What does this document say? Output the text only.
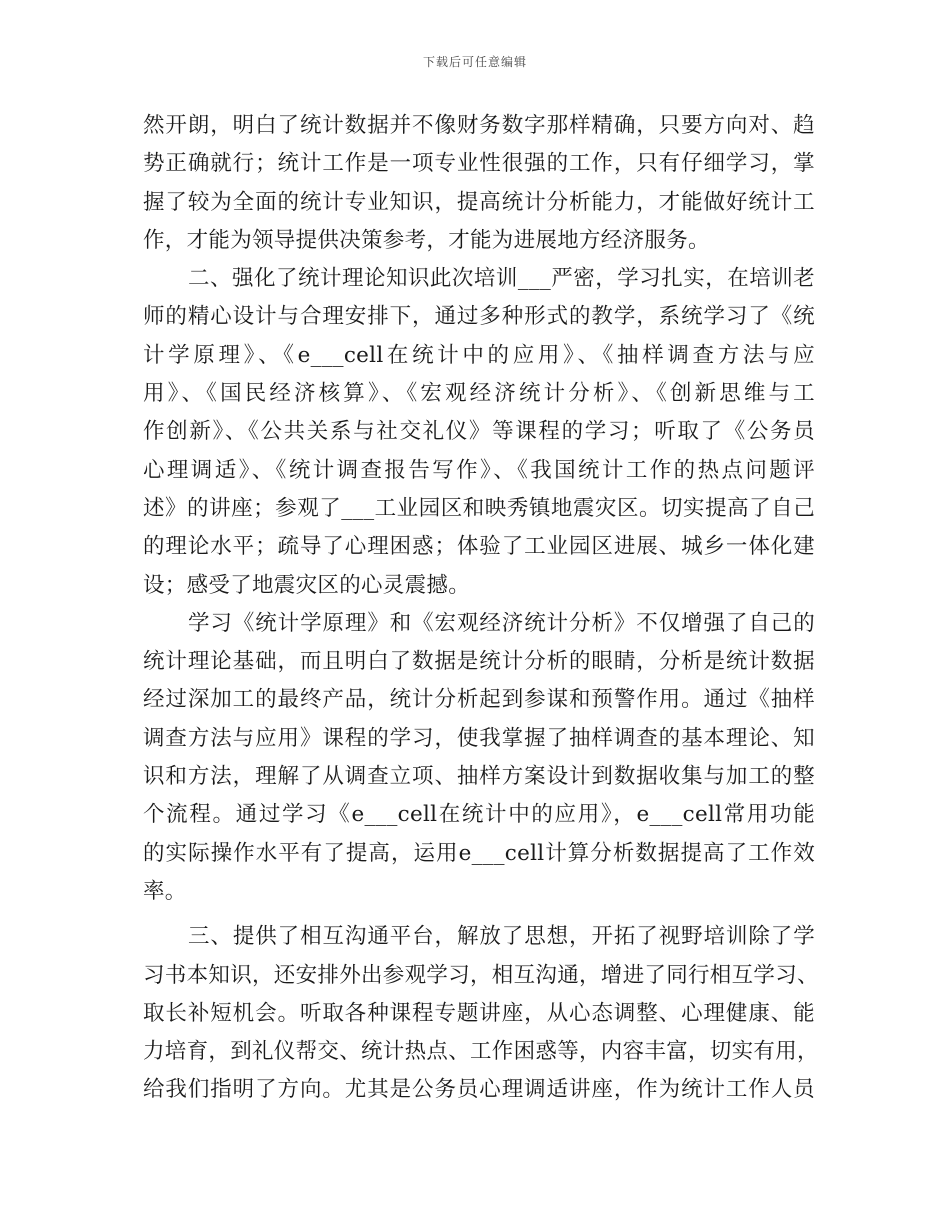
下载后可任意编辑
然开朗，明白了统计数据并不像财务数字那样精确，只要方向对、趋
势正确就行；统计工作是一项专业性很强的工作，只有仔细学习，掌
握了较为全面的统计专业知识，提高统计分析能力，才能做好统计工
作，才能为领导提供决策参考，才能为进展地方经济服务。
二、强化了统计理论知识此次培训___严密，学习扎实，在培训老
师的精心设计与合理安排下，通过多种形式的教学，系统学习了《统
计学原理》、《e___cell在统计中的应用》、《抽样调查方法与应
用》、《国民经济核算》、《宏观经济统计分析》、《创新思维与工
作创新》、《公共关系与社交礼仪》等课程的学习；听取了《公务员
心理调适》、《统计调查报告写作》、《我国统计工作的热点问题评
述》的讲座；参观了___工业园区和映秀镇地震灾区。切实提高了自己
的理论水平；疏导了心理困惑；体验了工业园区进展、城乡一体化建
设；感受了地震灾区的心灵震撼。
学习《统计学原理》和《宏观经济统计分析》不仅增强了自己的
统计理论基础，而且明白了数据是统计分析的眼睛，分析是统计数据
经过深加工的最终产品，统计分析起到参谋和预警作用。通过《抽样
调查方法与应用》课程的学习，使我掌握了抽样调查的基本理论、知
识和方法，理解了从调查立项、抽样方案设计到数据收集与加工的整
个流程。通过学习《e___cell在统计中的应用》，e___cell常用功能
的实际操作水平有了提高，运用e___cell计算分析数据提高了工作效
率。
三、提供了相互沟通平台，解放了思想，开拓了视野培训除了学
习书本知识，还安排外出参观学习，相互沟通，增进了同行相互学习、
取长补短机会。听取各种课程专题讲座，从心态调整、心理健康、能
力培育，到礼仪帮交、统计热点、工作困惑等，内容丰富，切实有用，
给我们指明了方向。尤其是公务员心理调适讲座，作为统计工作人员
